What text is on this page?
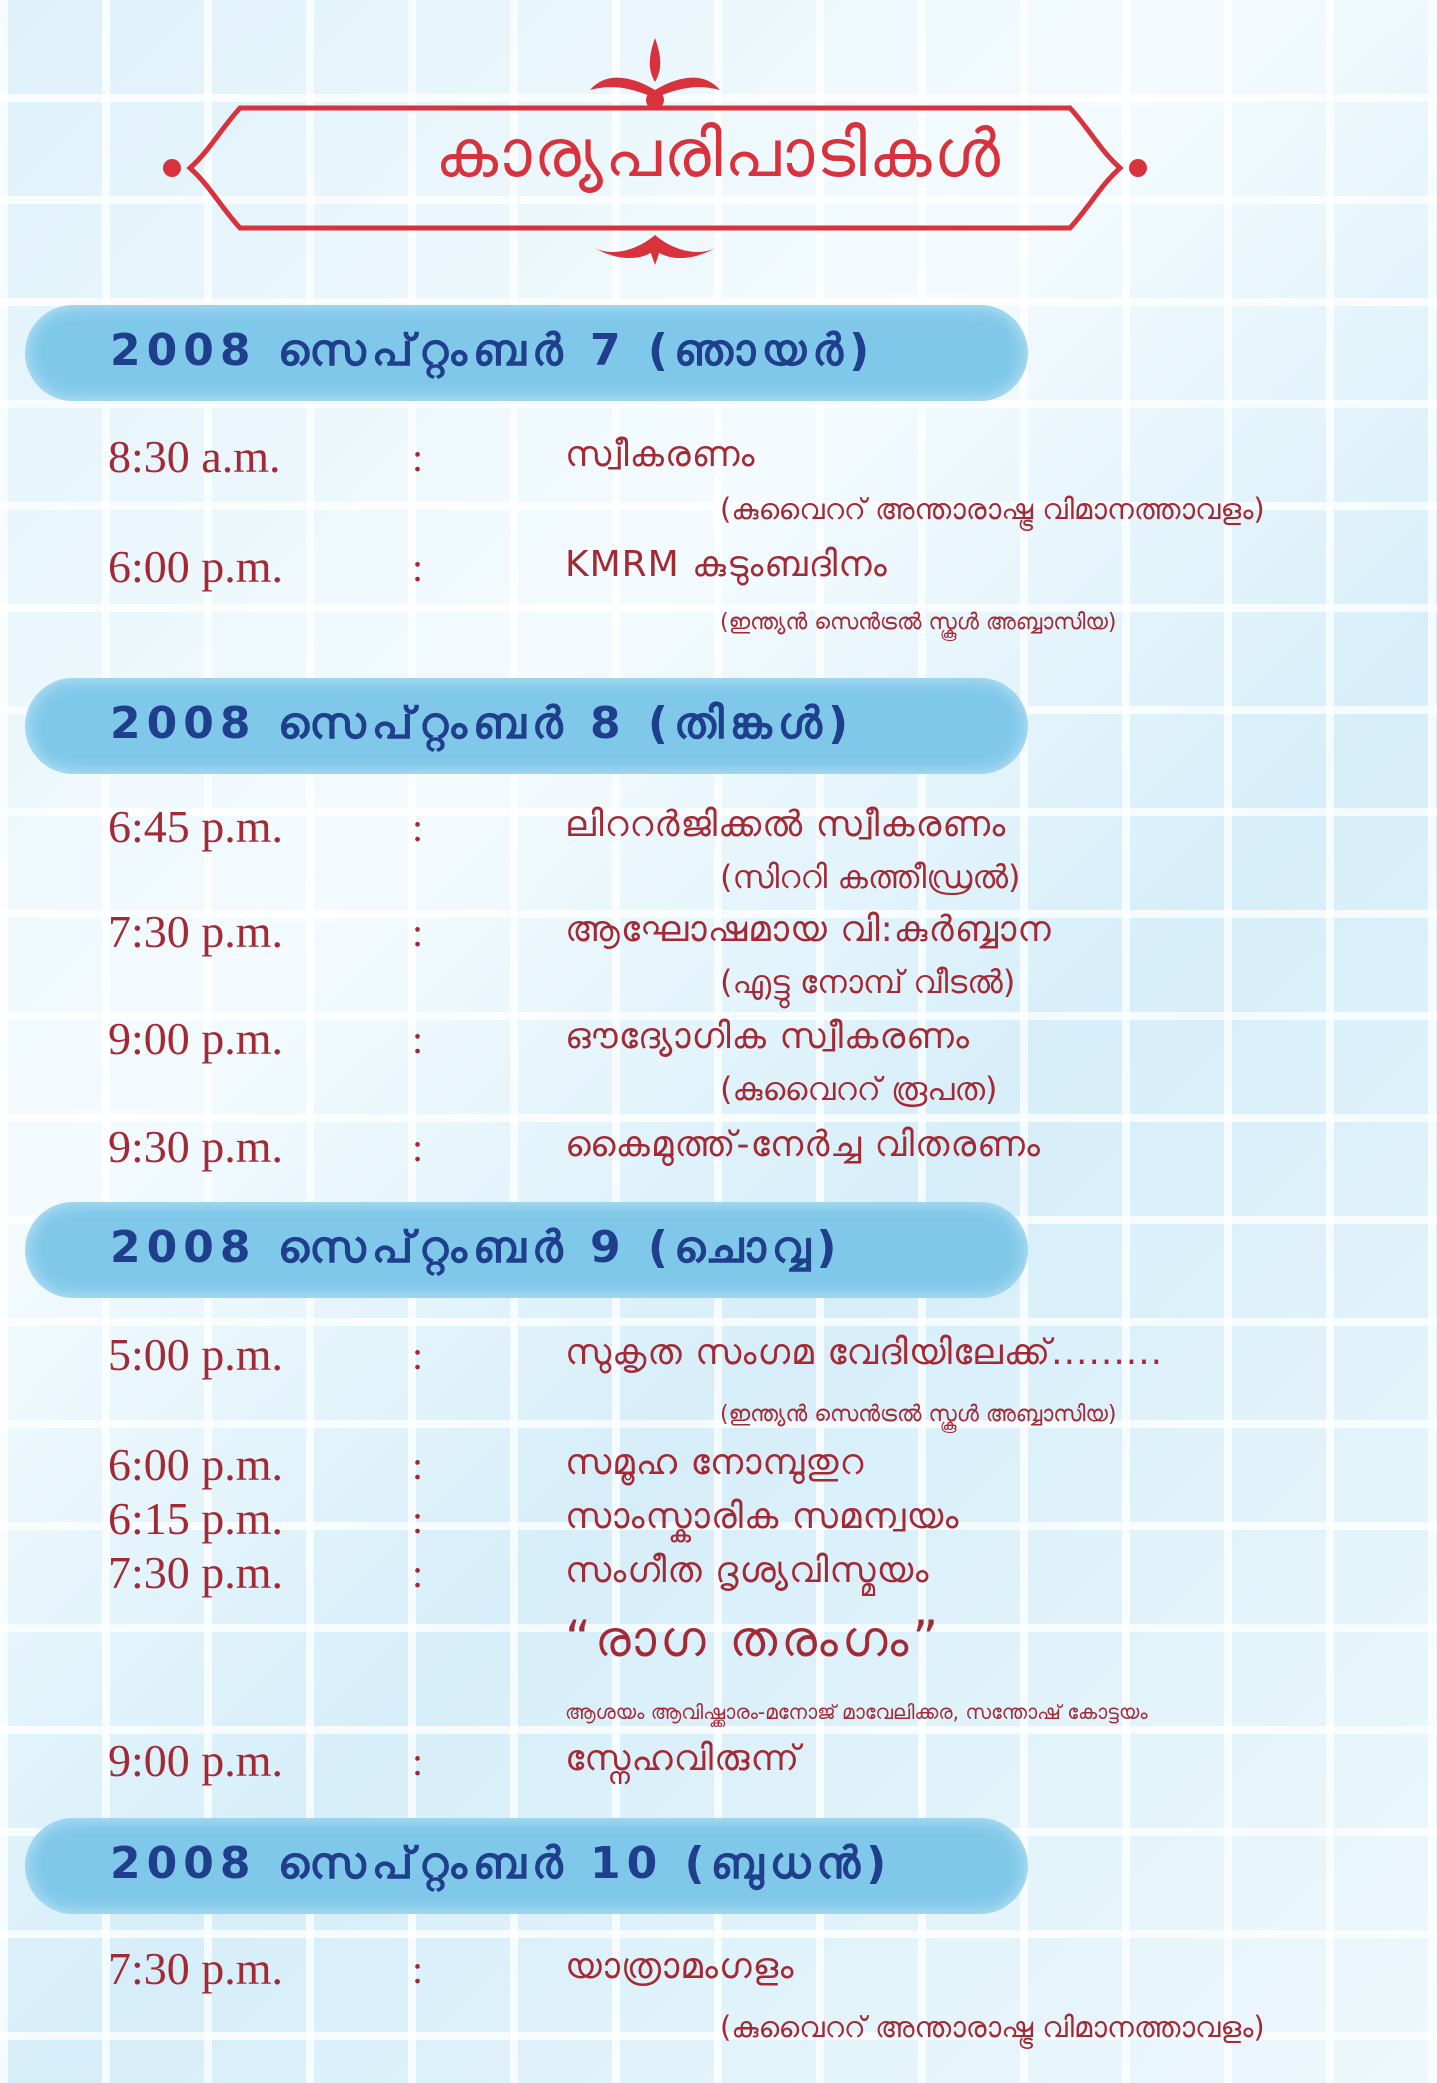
കാര്യപരിപാടികൾ
2008 സെപ്റ്റംബർ 7 (ഞായർ)
8:30 a.m.	:	സ്വീകരണം
(കുവൈററ് അന്താരാഷ്ട്ര വിമാനത്താവളം)
6:00 p.m.	:	KMRM കുടുംബദിനം
(ഇന്ത്യൻ സെൻട്രൽ സ്കൂൾ അബ്ബാസിയ)
2008 സെപ്റ്റംബർ 8 (തിങ്കൾ)
6:45 p.m.	:	ലിററർജിക്കൽ സ്വീകരണം
(സിററി കത്തീഡ്രൽ)
7:30 p.m.	:	ആഘോഷമായ വി:കുർബ്ബാന
(എട്ടു നോമ്പ് വീടൽ)
9:00 p.m.	:	ഔദ്യോഗിക സ്വീകരണം
(കുവൈററ് രൂപത)
9:30 p.m.	:	കൈമുത്ത്-നേർച്ച വിതരണം
2008 സെപ്റ്റംബർ 9 (ചൊവ്വ)
5:00 p.m.	:	സുകൃത സംഗമ വേദിയിലേക്ക്.........
(ഇന്ത്യൻ സെൻട്രൽ സ്കൂൾ അബ്ബാസിയ)
6:00 p.m.	:	സമൂഹ നോമ്പുതുറ
6:15 p.m.	:	സാംസ്കാരിക സമന്വയം
7:30 p.m.	:	സംഗീത ദൃശ്യവിസ്മയം
“രാഗ തരംഗം”
ആശയം ആവിഷ്ക്കാരം-മനോജ് മാവേലിക്കര, സന്തോഷ് കോട്ടയം
9:00 p.m.	:	സ്നേഹവിരുന്ന്
2008 സെപ്റ്റംബർ 10 (ബുധൻ)
7:30 p.m.	:	യാത്രാമംഗളം
(കുവൈററ് അന്താരാഷ്ട്ര വിമാനത്താവളം)
